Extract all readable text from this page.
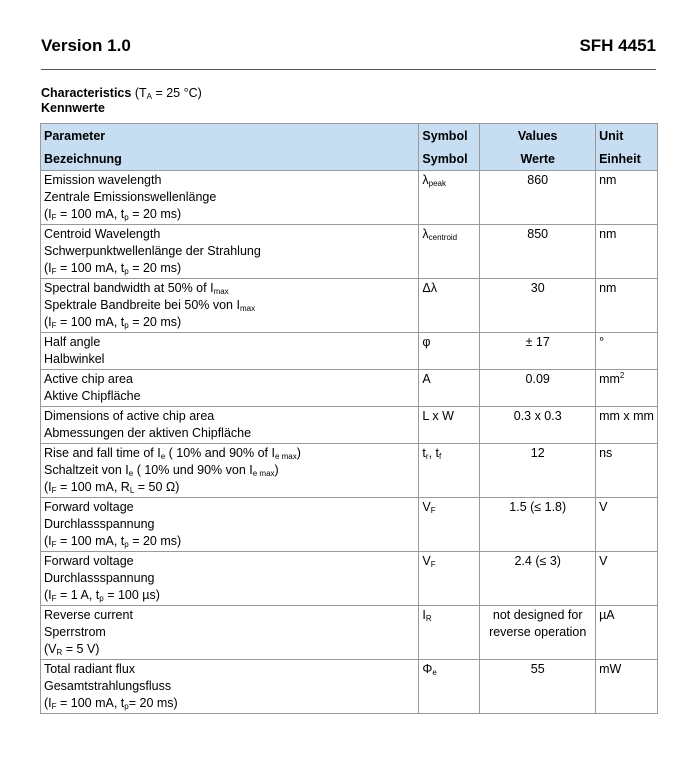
Version 1.0	SFH 4451
Characteristics ($T_A = 25$ °C)
Kennwerte
Parameter	Symbol	Values	Unit
Bezeichnung	Symbol	Werte	Einheit

Emission wavelength
Zentrale Emissionswellenlänge
($I_F = 100$ mA, $t_p = 20$ ms)	$\lambda_{peak}$	860	nm

Centroid Wavelength
Schwerpunktwellenlänge der Strahlung
($I_F = 100$ mA, $t_p = 20$ ms)	$\lambda_{centroid}$	850	nm

Spectral bandwidth at 50% of $I_{max}$
Spektrale Bandbreite bei 50% von $I_{max}$
($I_F = 100$ mA, $t_p = 20$ ms)	Δλ	30	nm

Half angle
Halbwinkel	φ	± 17	°

Active chip area
Aktive Chipfläche	A	0.09	$mm^2$

Dimensions of active chip area
Abmessungen der aktiven Chipfläche	L x W	0.3 x 0.3	mm x mm

Rise and fall time of $I_e$ ( 10% and 90% of $I_{e max}$)
Schaltzeit von $I_e$ ( 10% und 90% von $I_{e max}$)
($I_F = 100$ mA, $R_L = 50$ Ω)	$t_r$, $t_f$	12	ns

Forward voltage
Durchlassspannung
($I_F = 100$ mA, $t_p = 20$ ms)	$V_F$	1.5 (≤ 1.8)	V

Forward voltage
Durchlassspannung
($I_F = 1$ A, $t_p = 100$ µs)	$V_F$	2.4 (≤ 3)	V

Reverse current
Sperrstrom
($V_R = 5$ V)	$I_R$	not designed for reverse operation	µA

Total radiant flux
Gesamtstrahlungsfluss
($I_F = 100$ mA, $t_p= 20$ ms)	$\Phi_e$	55	mW
